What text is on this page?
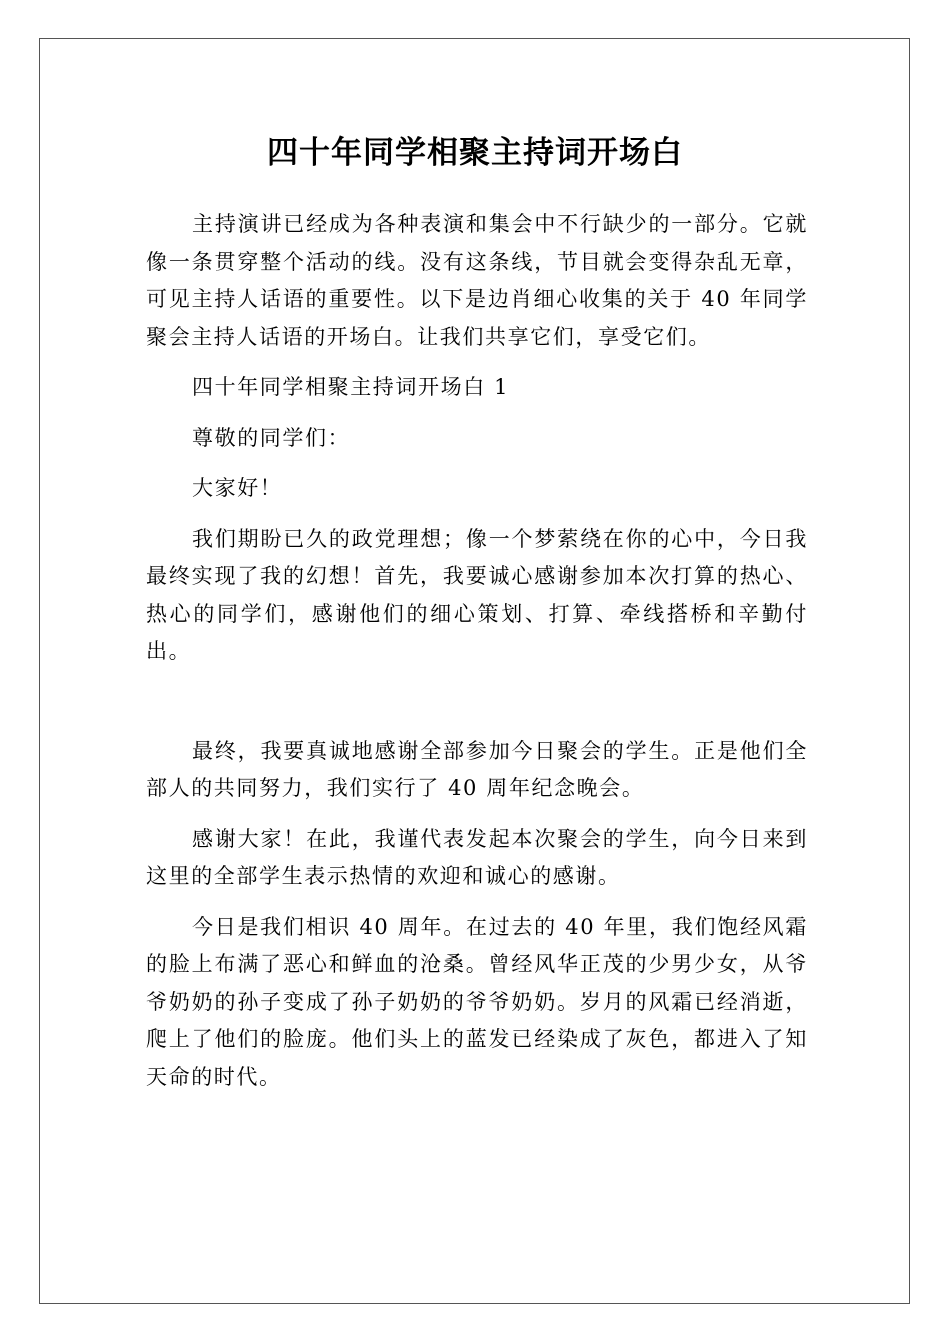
四十年同学相聚主持词开场白

主持演讲已经成为各种表演和集会中不行缺少的一部分。它就像一条贯穿整个活动的线。没有这条线，节目就会变得杂乱无章，可见主持人话语的重要性。以下是边肖细心收集的关于 40 年同学聚会主持人话语的开场白。让我们共享它们，享受它们。

四十年同学相聚主持词开场白 1

尊敬的同学们：

大家好！

我们期盼已久的政党理想；像一个梦萦绕在你的心中，今日我最终实现了我的幻想！首先，我要诚心感谢参加本次打算的热心、热心的同学们，感谢他们的细心策划、打算、牵线搭桥和辛勤付出。

最终，我要真诚地感谢全部参加今日聚会的学生。正是他们全部人的共同努力，我们实行了 40 周年纪念晚会。

感谢大家！在此，我谨代表发起本次聚会的学生，向今日来到这里的全部学生表示热情的欢迎和诚心的感谢。

今日是我们相识 40 周年。在过去的 40 年里，我们饱经风霜的脸上布满了恶心和鲜血的沧桑。曾经风华正茂的少男少女，从爷爷奶奶的孙子变成了孙子奶奶的爷爷奶奶。岁月的风霜已经消逝，爬上了他们的脸庞。他们头上的蓝发已经染成了灰色，都进入了知天命的时代。
